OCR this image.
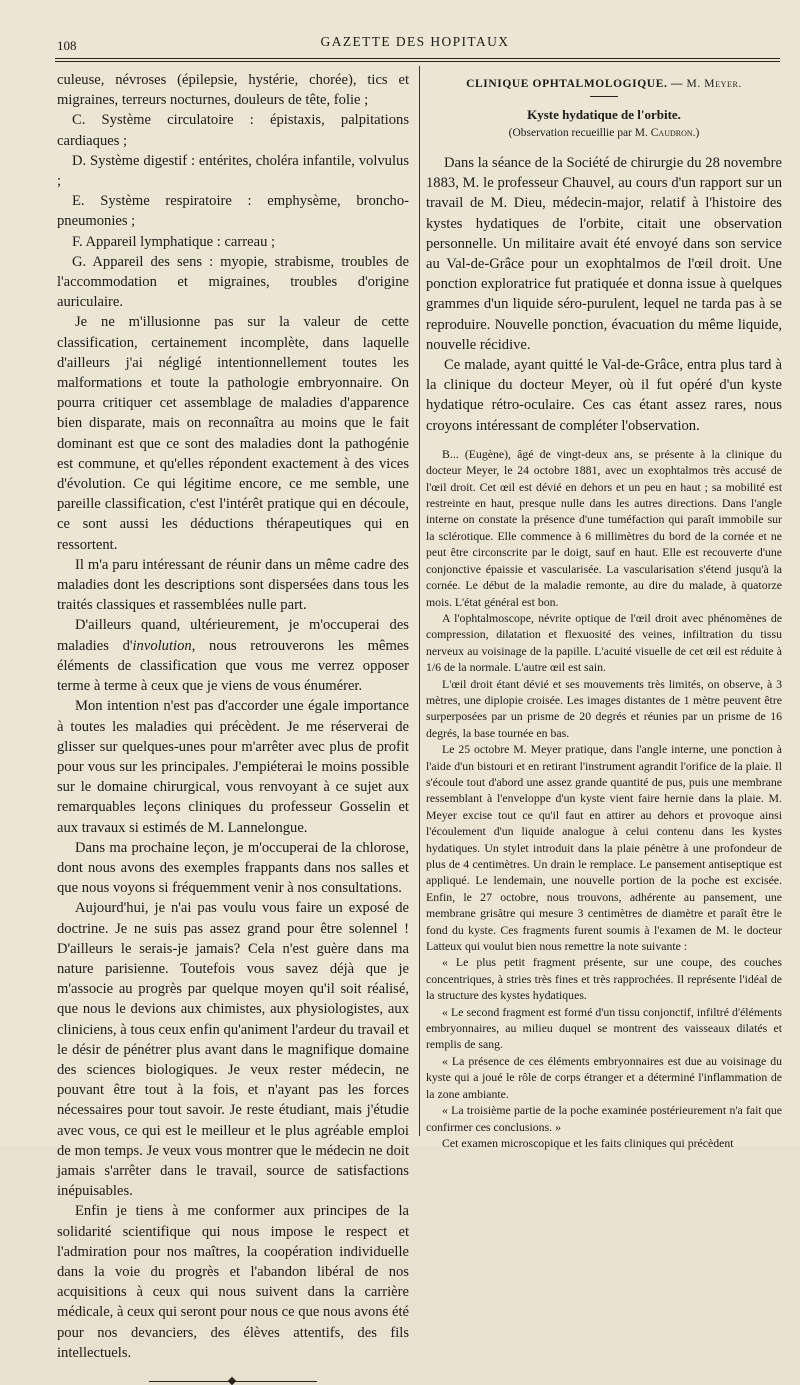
108	GAZETTE DES HOPITAUX

culeuse, névroses (épilepsie, hystérie, chorée), tics et migraines, terreurs nocturnes, douleurs de tête, folie ;

C. Système circulatoire : épistaxis, palpitations cardiaques ;

D. Système digestif : entérites, choléra infantile, volvulus ;

E. Système respiratoire : emphysème, broncho-pneumonies ;

F. Appareil lymphatique : carreau ;

G. Appareil des sens : myopie, strabisme, troubles de l'accommodation et migraines, troubles d'origine auriculaire.

Je ne m'illusionne pas sur la valeur de cette classification, certainement incomplète, dans laquelle d'ailleurs j'ai négligé intentionnellement toutes les malformations et toute la pathologie embryonnaire. On pourra critiquer cet assemblage de maladies d'apparence bien disparate, mais on reconnaîtra au moins que le fait dominant est que ce sont des maladies dont la pathogénie est commune, et qu'elles répondent exactement à des vices d'évolution. Ce qui légitime encore, ce me semble, une pareille classification, c'est l'intérêt pratique qui en découle, ce sont aussi les déductions thérapeutiques qui en ressortent.

Il m'a paru intéressant de réunir dans un même cadre des maladies dont les descriptions sont dispersées dans tous les traités classiques et rassemblées nulle part.

D'ailleurs quand, ultérieurement, je m'occuperai des maladies d'involution, nous retrouverons les mêmes éléments de classification que vous me verrez opposer terme à terme à ceux que je viens de vous énumérer.

Mon intention n'est pas d'accorder une égale importance à toutes les maladies qui précèdent. Je me réserverai de glisser sur quelques-unes pour m'arrêter avec plus de profit pour vous sur les principales. J'empiéterai le moins possible sur le domaine chirurgical, vous renvoyant à ce sujet aux remarquables leçons cliniques du professeur Gosselin et aux travaux si estimés de M. Lannelongue.

Dans ma prochaine leçon, je m'occuperai de la chlorose, dont nous avons des exemples frappants dans nos salles et que nous voyons si fréquemment venir à nos consultations.

Aujourd'hui, je n'ai pas voulu vous faire un exposé de doctrine. Je ne suis pas assez grand pour être solennel ! D'ailleurs le serais-je jamais? Cela n'est guère dans ma nature parisienne. Toutefois vous savez déjà que je m'associe au progrès par quelque moyen qu'il soit réalisé, que nous le devions aux chimistes, aux physiologistes, aux cliniciens, à tous ceux enfin qu'animent l'ardeur du travail et le désir de pénétrer plus avant dans le magnifique domaine des sciences biologiques. Je veux rester médecin, ne pouvant être tout à la fois, et n'ayant pas les forces nécessaires pour tout savoir. Je reste étudiant, mais j'étudie avec vous, ce qui est le meilleur et le plus agréable emploi de mon temps. Je veux vous montrer que le médecin ne doit jamais s'arrêter dans le travail, source de satisfactions inépuisables.

Enfin je tiens à me conformer aux principes de la solidarité scientifique qui nous impose le respect et l'admiration pour nos maîtres, la coopération individuelle dans la voie du progrès et l'abandon libéral de nos acquisitions à ceux qui nous suivent dans la carrière médicale, à ceux qui seront pour nous ce que nous avons été pour nos devanciers, des élèves attentifs, des fils intellectuels.

CLINIQUE OPHTALMOLOGIQUE. — M. Meyer.
Kyste hydatique de l'orbite.
(Observation recueillie par M. Caudron.)

Dans la séance de la Société de chirurgie du 28 novembre 1883, M. le professeur Chauvel, au cours d'un rapport sur un travail de M. Dieu, médecin-major, relatif à l'histoire des kystes hydatiques de l'orbite, citait une observation personnelle. Un militaire avait été envoyé dans son service au Val-de-Grâce pour un exophtalmos de l'œil droit. Une ponction exploratrice fut pratiquée et donna issue à quelques grammes d'un liquide séro-purulent, lequel ne tarda pas à se reproduire. Nouvelle ponction, évacuation du même liquide, nouvelle récidive.

Ce malade, ayant quitté le Val-de-Grâce, entra plus tard à la clinique du docteur Meyer, où il fut opéré d'un kyste hydatique rétro-oculaire. Ces cas étant assez rares, nous croyons intéressant de compléter l'observation.

B... (Eugène), âgé de vingt-deux ans, se présente à la clinique du docteur Meyer, le 24 octobre 1881, avec un exophtalmos très accusé de l'œil droit. Cet œil est dévié en dehors et un peu en haut ; sa mobilité est restreinte en haut, presque nulle dans les autres directions. Dans l'angle interne on constate la présence d'une tuméfaction qui paraît immobile sur la sclérotique. Elle commence à 6 millimètres du bord de la cornée et ne peut être circonscrite par le doigt, sauf en haut. Elle est recouverte d'une conjonctive épaissie et vascularisée. La vascularisation s'étend jusqu'à la cornée. Le début de la maladie remonte, au dire du malade, à quatorze mois. L'état général est bon.

A l'ophtalmoscope, névrite optique de l'œil droit avec phénomènes de compression, dilatation et flexuosité des veines, infiltration du tissu nerveux au voisinage de la papille. L'acuité visuelle de cet œil est réduite à 1/6 de la normale. L'autre œil est sain.

L'œil droit étant dévié et ses mouvements très limités, on observe, à 3 mètres, une diplopie croisée. Les images distantes de 1 mètre peuvent être surperposées par un prisme de 20 degrés et réunies par un prisme de 16 degrés, la base tournée en bas.

Le 25 octobre M. Meyer pratique, dans l'angle interne, une ponction à l'aide d'un bistouri et en retirant l'instrument agrandit l'orifice de la plaie. Il s'écoule tout d'abord une assez grande quantité de pus, puis une membrane ressemblant à l'enveloppe d'un kyste vient faire hernie dans la plaie. M. Meyer excise tout ce qu'il faut en attirer au dehors et provoque ainsi l'écoulement d'un liquide analogue à celui contenu dans les kystes hydatiques. Un stylet introduit dans la plaie pénètre à une profondeur de plus de 4 centimètres. Un drain le remplace. Le pansement antiseptique est appliqué. Le lendemain, une nouvelle portion de la poche est excisée. Enfin, le 27 octobre, nous trouvons, adhérente au pansement, une membrane grisâtre qui mesure 3 centimètres de diamètre et paraît être le fond du kyste. Ces fragments furent soumis à l'examen de M. le docteur Latteux qui voulut bien nous remettre la note suivante :

« Le plus petit fragment présente, sur une coupe, des couches concentriques, à stries très fines et très rapprochées. Il représente l'idéal de la structure des kystes hydatiques.

« Le second fragment est formé d'un tissu conjonctif, infiltré d'éléments embryonnaires, au milieu duquel se montrent des vaisseaux dilatés et remplis de sang.

« La présence de ces éléments embryonnaires est due au voisinage du kyste qui a joué le rôle de corps étranger et a déterminé l'inflammation de la zone ambiante.

« La troisième partie de la poche examinée postérieurement n'a fait que confirmer ces conclusions. »

Cet examen microscopique et les faits cliniques qui précèdent
